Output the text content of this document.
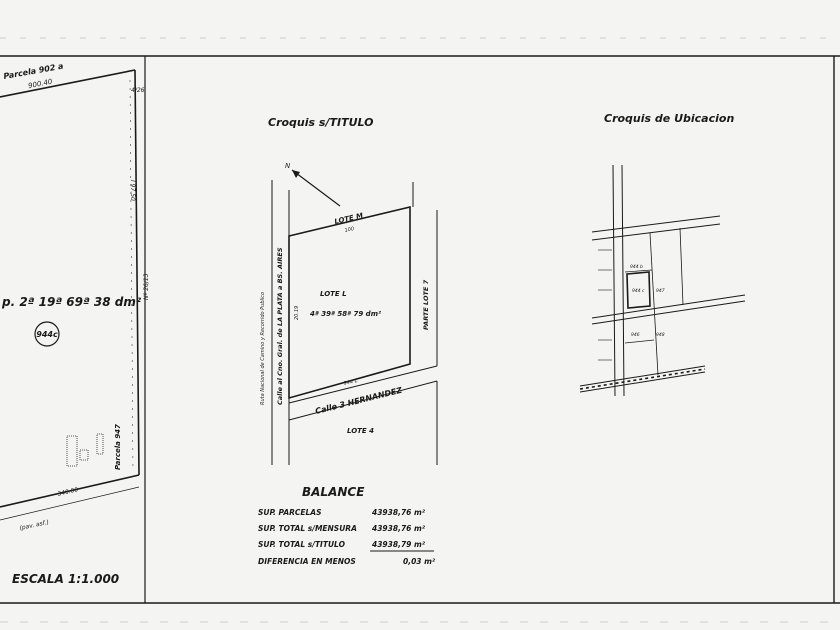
900.40
340.00
I 97.50
4/26
Parcela 902 a
p. 2ª 19ª 69ª 38 dm²
944c
Parcela 947
Nº 26/13
(pav. asf.)
ESCALA 1:1.000
Croquis s/TITULO
N
LOTE M
100
LOTE L
4ª 39ª 58ª 79 dm²
944 L
Calle 3 HERNANDEZ
LOTE 4
Calle al Cno. Gral. de LA PLATA a BS. AIRES
Ruta Nacional de Camino y Recorrido Publico	PARTE LOTE 7
20.19
BALANCE
SUP. PARCELAS	43938,76 m²
SUP. TOTAL s/MENSURA 43938,76 m²
SUP. TOTAL s/TITULO	43938,79 m²
DIFERENCIA EN MENOS	0,03 m²
Croquis de Ubicacion
944 b
944 c	947
946	948
